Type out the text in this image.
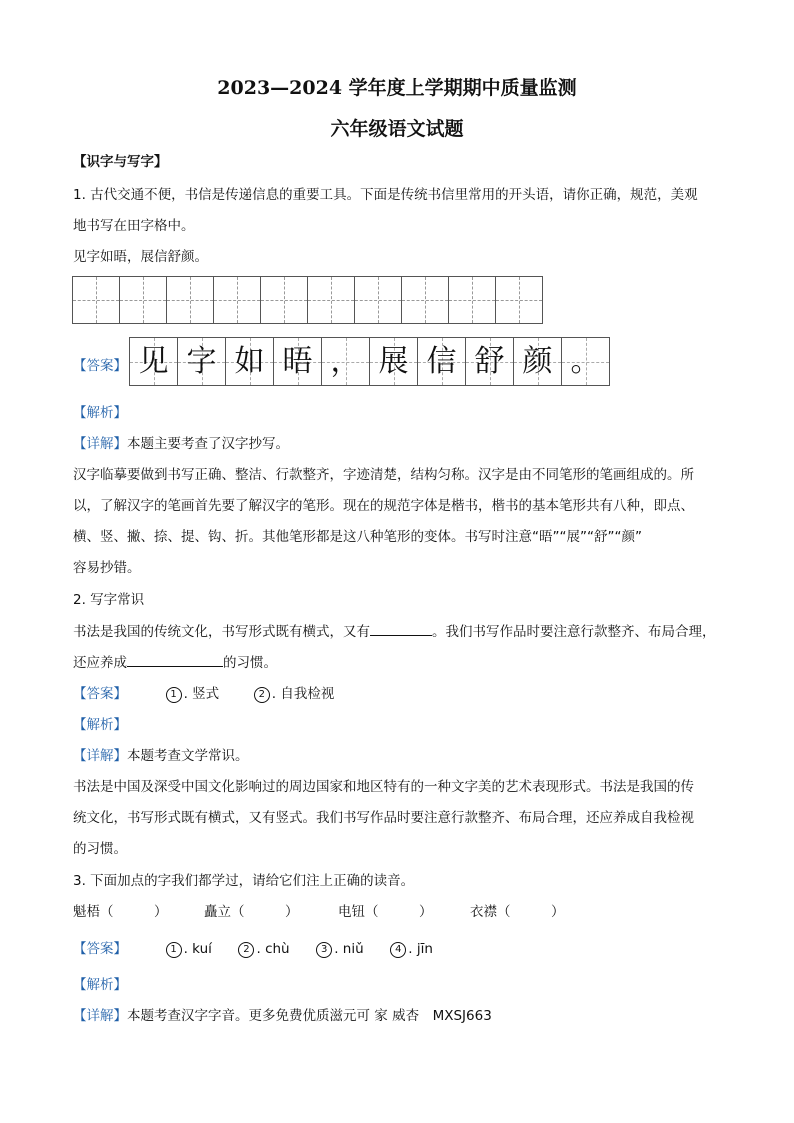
2023—2024 学年度上学期期中质量监测
六年级语文试题
【识字与写字】
1. 古代交通不便，书信是传递信息的重要工具。下面是传统书信里常用的开头语，请你正确，规范，美观
地书写在田字格中。
见字如晤，展信舒颜。
【答案】 见 字 如 晤 ， 展 信 舒 颜 。
【解析】
【详解】本题主要考查了汉字抄写。
汉字临摹要做到书写正确、整洁、行款整齐，字迹清楚，结构匀称。汉字是由不同笔形的笔画组成的。所
以，了解汉字的笔画首先要了解汉字的笔形。现在的规范字体是楷书，楷书的基本笔形共有八种，即点、
横、竖、撇、捺、提、钩、折。其他笔形都是这八种笔形的变体。书写时注意“晤”“展”“舒”“颜”
容易抄错。
2. 写字常识
书法是我国的传统文化，书写形式既有横式，又有	。我们书写作品时要注意行款整齐、布局合理，
还应养成	的习惯。
【答案】	1 . 竖式	2 . 自我检视
【解析】
【详解】本题考查文学常识。
书法是中国及深受中国文化影响过的周边国家和地区特有的一种文字美的艺术表现形式。书法是我国的传
统文化，书写形式既有横式，又有竖式。我们书写作品时要注意行款整齐、布局合理，还应养成自我检视
的习惯。
3. 下面加点的字我们都学过，请给它们注上正确的读音。
魁梧（　　　）	矗立（　　　）	电钮（　　　）	衣襟（　　　）
【答案】	1 . kuí	2 . chù	3 . niǔ	4 . jīn
【解析】
【详解】本题考查汉字字音。更多免费优质滋元可 家 威杏　MXSJ663
